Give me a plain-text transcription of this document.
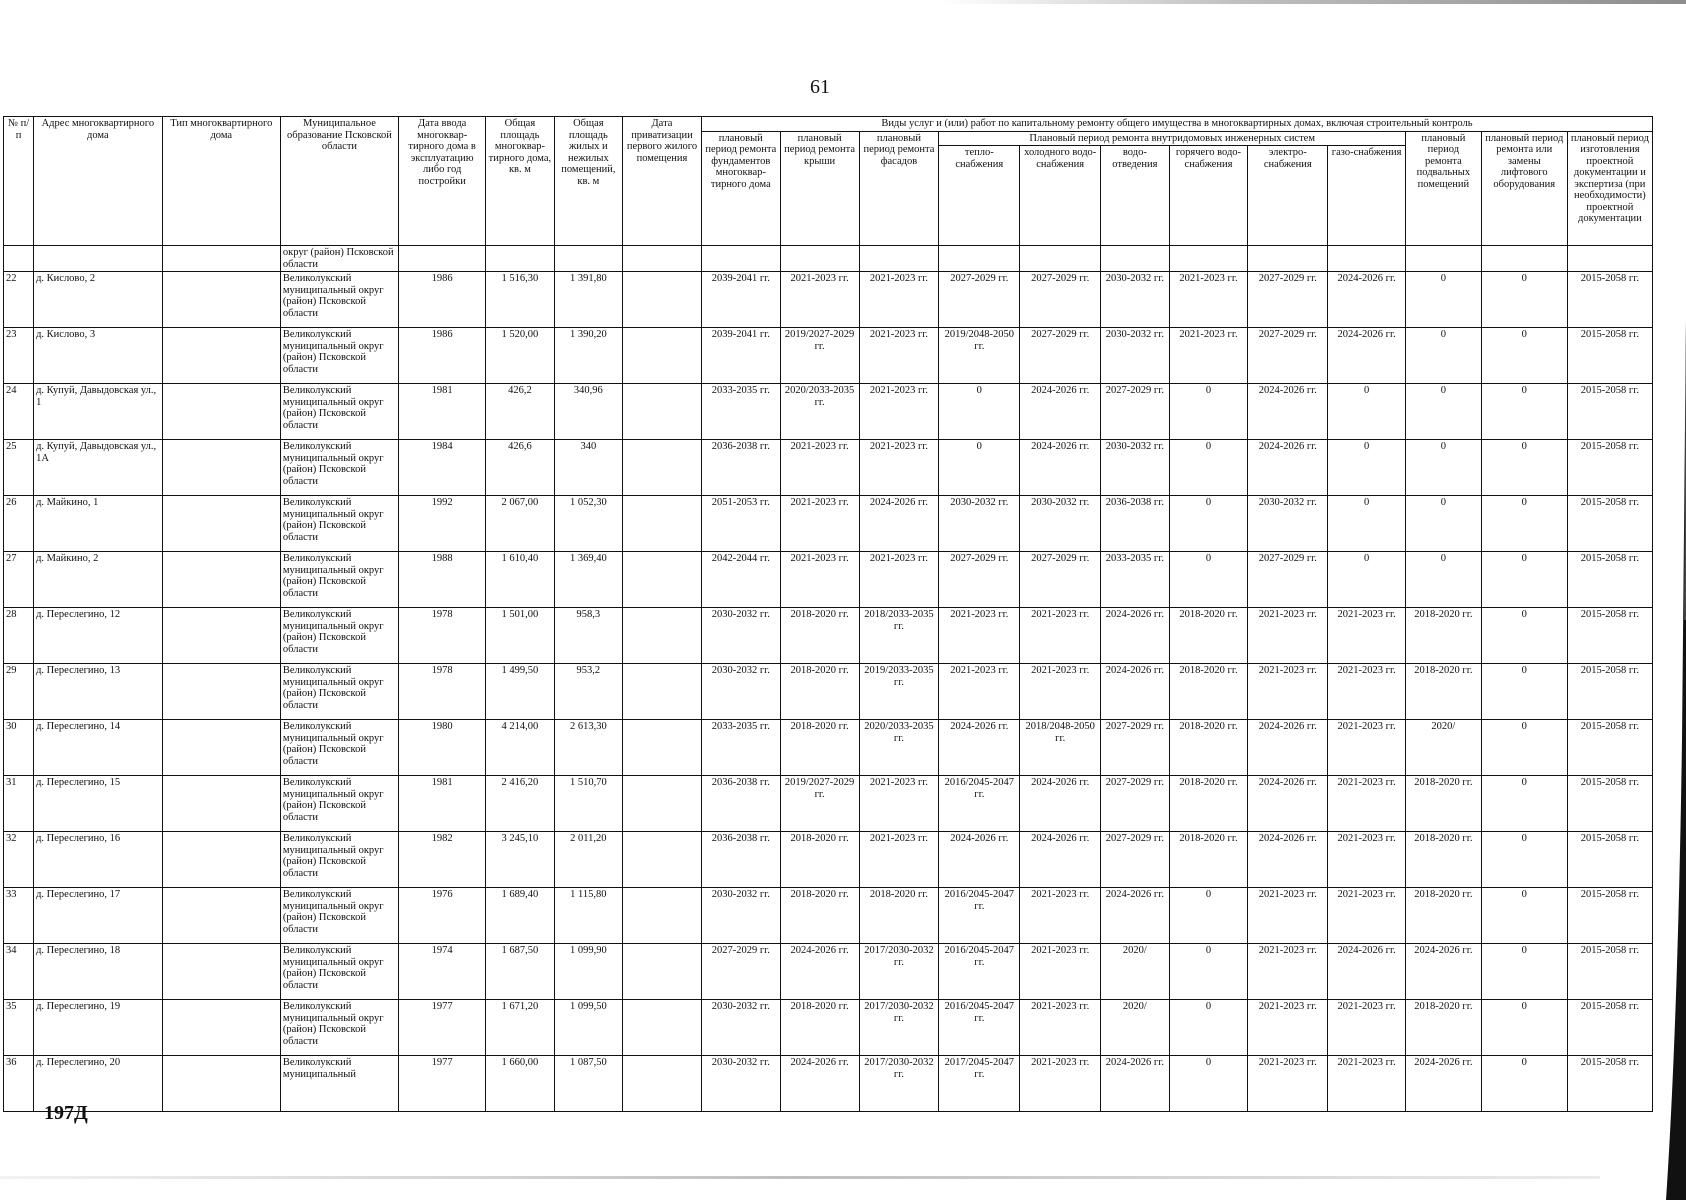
61
№ п/п	Адрес многоквартирного дома	Тип многоквартирного дома	Муниципальное образование Псковской области	Дата ввода многоквар-тирного дома в эксплуатацию либо год постройки	Общая площадь многоквар-тирного дома, кв. м	Общая площадь жилых и нежилых помещений, кв. м	Дата приватизации первого жилого помещения	Виды услуг и (или) работ по капитальному ремонту общего имущества в многоквартирных домах, включая строительный контроль											
								плановый период ремонта фундаментов многоквар-тирного дома	плановый период ремонта крыши	плановый период ремонта фасадов	Плановый период ремонта внутридомовых инженерных систем						плановый период ремонта подвальных помещений	плановый период ремонта или замены лифтового оборудования	плановый период изготовления проектной документации и экспертиза (при необходимости) проектной документации
											тепло-снабжения	холодного водо-снабжения	водо-отведения	горячего водо-снабжения	электро-снабжения	газо-снабжения			
			округ (район) Псковской области																
22	д. Кислово, 2		Великолукский муниципальный округ (район) Псковской области	1986	1 516,30	1 391,80		2039-2041 гг.	2021-2023 гг.	2021-2023 гг.	2027-2029 гг.	2027-2029 гг.	2030-2032 гг.	2021-2023 гг.	2027-2029 гг.	2024-2026 гг.	0	0	2015-2058 гг.
23	д. Кислово, 3		Великолукский муниципальный округ (район) Псковской области	1986	1 520,00	1 390,20		2039-2041 гг.	2019/2027-2029 гг.	2021-2023 гг.	2019/2048-2050 гг.	2027-2029 гг.	2030-2032 гг.	2021-2023 гг.	2027-2029 гг.	2024-2026 гг.	0	0	2015-2058 гг.
24	д. Купуй, Давыдовская ул., 1		Великолукский муниципальный округ (район) Псковской области	1981	426,2	340,96		2033-2035 гг.	2020/2033-2035 гг.	2021-2023 гг.	0	2024-2026 гг.	2027-2029 гг.	0	2024-2026 гг.	0	0	0	2015-2058 гг.
25	д. Купуй, Давыдовская ул., 1А		Великолукский муниципальный округ (район) Псковской области	1984	426,6	340		2036-2038 гг.	2021-2023 гг.	2021-2023 гг.	0	2024-2026 гг.	2030-2032 гг.	0	2024-2026 гг.	0	0	0	2015-2058 гг.
26	д. Майкино, 1		Великолукский муниципальный округ (район) Псковской области	1992	2 067,00	1 052,30		2051-2053 гг.	2021-2023 гг.	2024-2026 гг.	2030-2032 гг.	2030-2032 гг.	2036-2038 гг.	0	2030-2032 гг.	0	0	0	2015-2058 гг.
27	д. Майкино, 2		Великолукский муниципальный округ (район) Псковской области	1988	1 610,40	1 369,40		2042-2044 гг.	2021-2023 гг.	2021-2023 гг.	2027-2029 гг.	2027-2029 гг.	2033-2035 гг.	0	2027-2029 гг.	0	0	0	2015-2058 гг.
28	д. Переслегино, 12		Великолукский муниципальный округ (район) Псковской области	1978	1 501,00	958,3		2030-2032 гг.	2018-2020 гг.	2018/2033-2035 гг.	2021-2023 гг.	2021-2023 гг.	2024-2026 гг.	2018-2020 гг.	2021-2023 гг.	2021-2023 гг.	2018-2020 гг.	0	2015-2058 гг.
29	д. Переслегино, 13		Великолукский муниципальный округ (район) Псковской области	1978	1 499,50	953,2		2030-2032 гг.	2018-2020 гг.	2019/2033-2035 гг.	2021-2023 гг.	2021-2023 гг.	2024-2026 гг.	2018-2020 гг.	2021-2023 гг.	2021-2023 гг.	2018-2020 гг.	0	2015-2058 гг.
30	д. Переслегино, 14		Великолукский муниципальный округ (район) Псковской области	1980	4 214,00	2 613,30		2033-2035 гг.	2018-2020 гг.	2020/2033-2035 гг.	2024-2026 гг.	2018/2048-2050 гг.	2027-2029 гг.	2018-2020 гг.	2024-2026 гг.	2021-2023 гг.	2020/	0	2015-2058 гг.
31	д. Переслегино, 15		Великолукский муниципальный округ (район) Псковской области	1981	2 416,20	1 510,70		2036-2038 гг.	2019/2027-2029 гг.	2021-2023 гг.	2016/2045-2047 гг.	2024-2026 гг.	2027-2029 гг.	2018-2020 гг.	2024-2026 гг.	2021-2023 гг.	2018-2020 гг.	0	2015-2058 гг.
32	д. Переслегино, 16		Великолукский муниципальный округ (район) Псковской области	1982	3 245,10	2 011,20		2036-2038 гг.	2018-2020 гг.	2021-2023 гг.	2024-2026 гг.	2024-2026 гг.	2027-2029 гг.	2018-2020 гг.	2024-2026 гг.	2021-2023 гг.	2018-2020 гг.	0	2015-2058 гг.
33	д. Переслегино, 17		Великолукский муниципальный округ (район) Псковской области	1976	1 689,40	1 115,80		2030-2032 гг.	2018-2020 гг.	2018-2020 гг.	2016/2045-2047 гг.	2021-2023 гг.	2024-2026 гг.	0	2021-2023 гг.	2021-2023 гг.	2018-2020 гг.	0	2015-2058 гг.
34	д. Переслегино, 18		Великолукский муниципальный округ (район) Псковской области	1974	1 687,50	1 099,90		2027-2029 гг.	2024-2026 гг.	2017/2030-2032 гг.	2016/2045-2047 гг.	2021-2023 гг.	2020/	0	2021-2023 гг.	2024-2026 гг.	2024-2026 гг.	0	2015-2058 гг.
35	д. Переслегино, 19		Великолукский муниципальный округ (район) Псковской области	1977	1 671,20	1 099,50		2030-2032 гг.	2018-2020 гг.	2017/2030-2032 гг.	2016/2045-2047 гг.	2021-2023 гг.	2020/	0	2021-2023 гг.	2021-2023 гг.	2018-2020 гг.	0	2015-2058 гг.
36	д. Переслегино, 20		Великолукский муниципальный	1977	1 660,00	1 087,50		2030-2032 гг.	2024-2026 гг.	2017/2030-2032 гг.	2017/2045-2047 гг.	2021-2023 гг.	2024-2026 гг.	0	2021-2023 гг.	2021-2023 гг.	2024-2026 гг.	0	2015-2058 гг.
197Д
